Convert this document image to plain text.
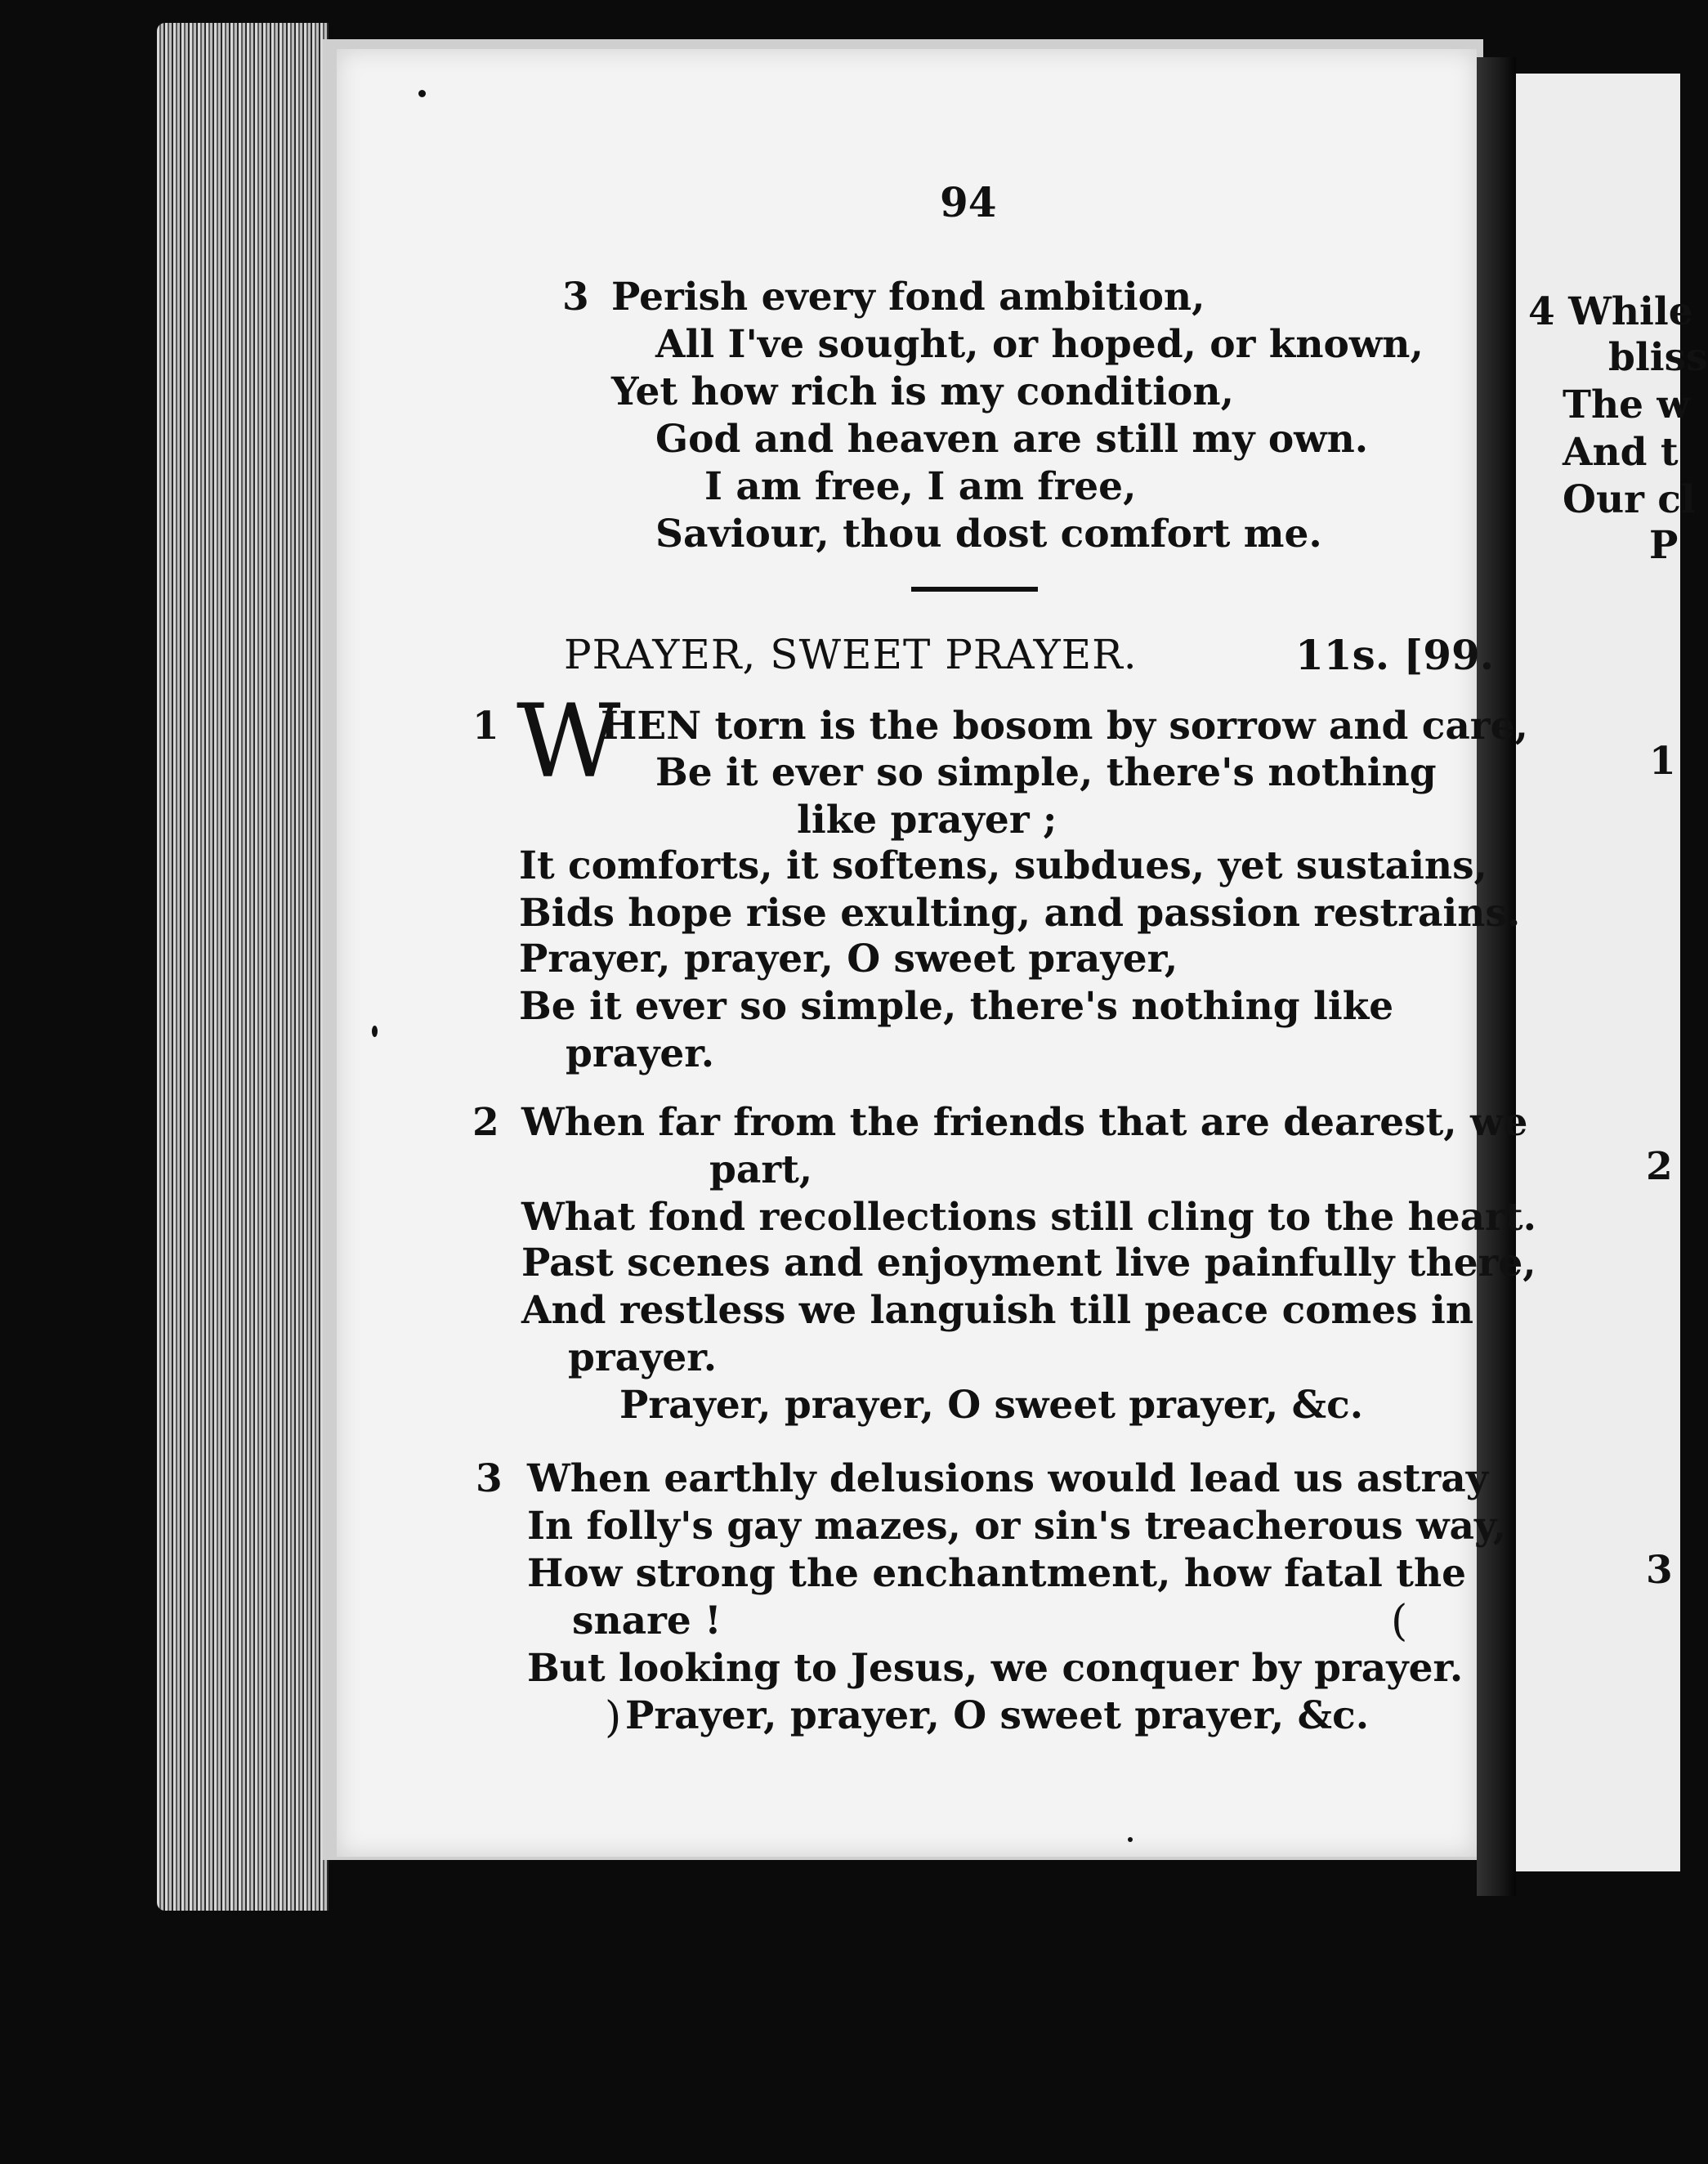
94
3 Perish every fond ambition,
All I've sought, or hoped, or known,
Yet how rich is my condition,
God and heaven are still my own.
I am free, I am free,
Saviour, thou dost comfort me.
PRAYER, SWEET PRAYER.	11s. [99.
1 W
HEN torn is the bosom by sorrow and care,
Be it ever so simple, there's nothing
like prayer ;
It comforts, it softens, subdues, yet sustains,
Bids hope rise exulting, and passion restrains.
Prayer, prayer, O sweet prayer,
Be it ever so simple, there's nothing like
prayer.
2 When far from the friends that are dearest, we
part,
What fond recollections still cling to the heart.
Past scenes and enjoyment live painfully there,
And restless we languish till peace comes in
prayer.
Prayer, prayer, O sweet prayer, &c.
3 When earthly delusions would lead us astray
In folly's gay mazes, or sin's treacherous way,
How strong the enchantment, how fatal the
snare !	(
But looking to Jesus, we conquer by prayer.
) Prayer, prayer, O sweet prayer, &c.
4 While
bliss
The w
And t
Our cl
P
1
2
3
